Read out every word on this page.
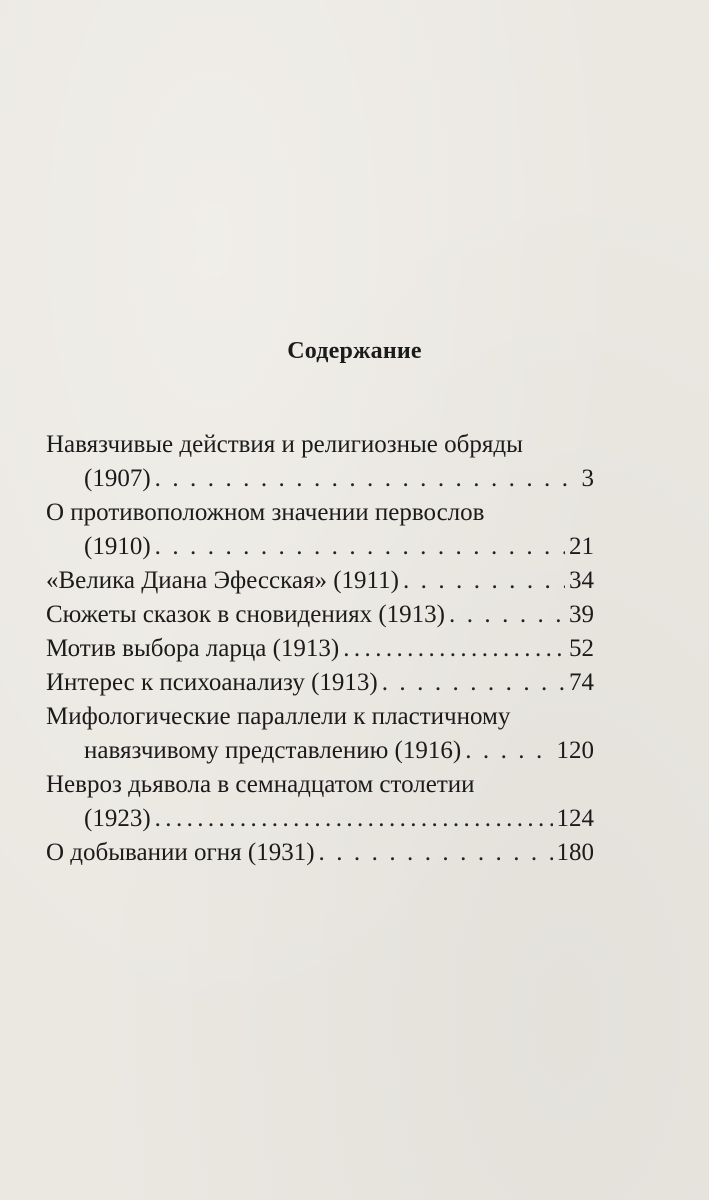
Содержание
Навязчивые действия и религиозные обряды
(1907) . . .	3
О противоположном значении первослов
(1910) . . .	21
«Велика Диана Эфесская» (1911) . . .	34
Сюжеты сказок в сновидениях (1913) . . .	39
Мотив выбора ларца (1913) .....	52
Интерес к психоанализу (1913) . . .	74
Мифологические параллели к пластичному
навязчивому представлению (1916) . . .	120
Невроз дьявола в семнадцатом столетии
(1923) .....	124
О добывании огня (1931) . . .	180
